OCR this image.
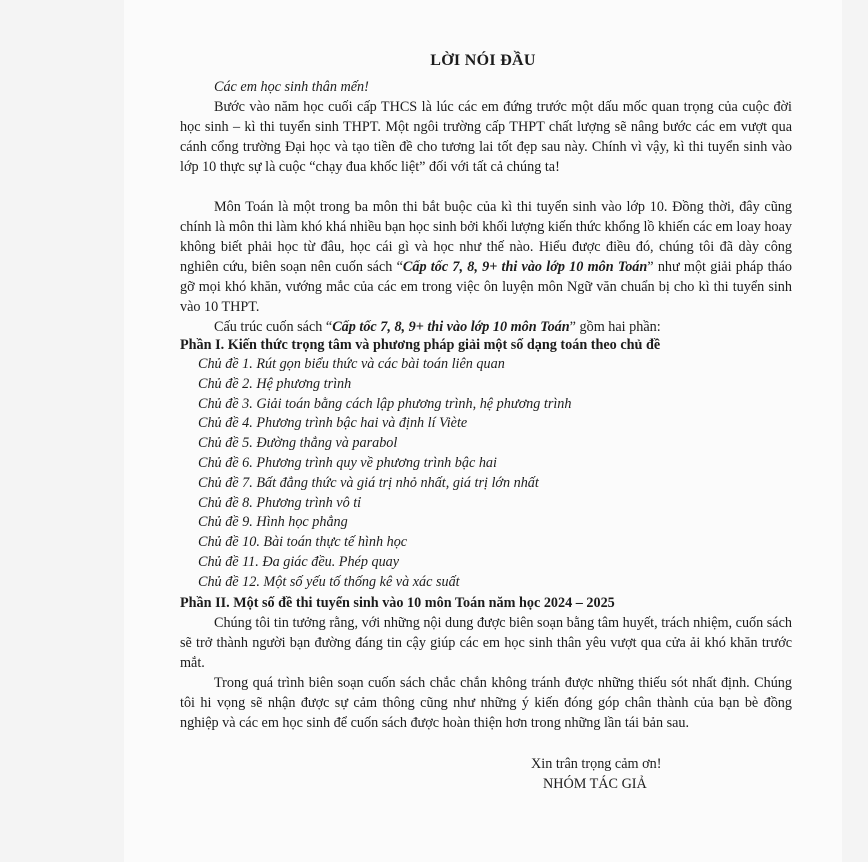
LỜI NÓI ĐẦU

Các em học sinh thân mến!

Bước vào năm học cuối cấp THCS là lúc các em đứng trước một dấu mốc quan trọng của cuộc đời học sinh – kì thi tuyển sinh THPT. Một ngôi trường cấp THPT chất lượng sẽ nâng bước các em vượt qua cánh cổng trường Đại học và tạo tiền đề cho tương lai tốt đẹp sau này. Chính vì vậy, kì thi tuyển sinh vào lớp 10 thực sự là cuộc “chạy đua khốc liệt” đối với tất cả chúng ta!

Môn Toán là một trong ba môn thi bắt buộc của kì thi tuyển sinh vào lớp 10. Đồng thời, đây cũng chính là môn thi làm khó khá nhiều bạn học sinh bởi khối lượng kiến thức khổng lồ khiến các em loay hoay không biết phải học từ đâu, học cái gì và học như thế nào. Hiểu được điều đó, chúng tôi đã dày công nghiên cứu, biên soạn nên cuốn sách “Cấp tốc 7, 8, 9+ thi vào lớp 10 môn Toán” như một giải pháp tháo gỡ mọi khó khăn, vướng mắc của các em trong việc ôn luyện môn Ngữ văn chuẩn bị cho kì thi tuyển sinh vào 10 THPT.

Cấu trúc cuốn sách “Cấp tốc 7, 8, 9+ thi vào lớp 10 môn Toán” gồm hai phần:

Phần I. Kiến thức trọng tâm và phương pháp giải một số dạng toán theo chủ đề
Chủ đề 1. Rút gọn biểu thức và các bài toán liên quan
Chủ đề 2. Hệ phương trình
Chủ đề 3. Giải toán bằng cách lập phương trình, hệ phương trình
Chủ đề 4. Phương trình bậc hai và định lí Viète
Chủ đề 5. Đường thẳng và parabol
Chủ đề 6. Phương trình quy về phương trình bậc hai
Chủ đề 7. Bất đẳng thức và giá trị nhỏ nhất, giá trị lớn nhất
Chủ đề 8. Phương trình vô tỉ
Chủ đề 9. Hình học phẳng
Chủ đề 10. Bài toán thực tế hình học
Chủ đề 11. Đa giác đều. Phép quay
Chủ đề 12. Một số yếu tố thống kê và xác suất
Phần II. Một số đề thi tuyển sinh vào 10 môn Toán năm học 2024 – 2025

Chúng tôi tin tưởng rằng, với những nội dung được biên soạn bằng tâm huyết, trách nhiệm, cuốn sách sẽ trở thành người bạn đường đáng tin cậy giúp các em học sinh thân yêu vượt qua cửa ải khó khăn trước mắt.

Trong quá trình biên soạn cuốn sách chắc chắn không tránh được những thiếu sót nhất định. Chúng tôi hi vọng sẽ nhận được sự cảm thông cũng như những ý kiến đóng góp chân thành của bạn bè đồng nghiệp và các em học sinh để cuốn sách được hoàn thiện hơn trong những lần tái bản sau.

Xin trân trọng cảm ơn!
NHÓM TÁC GIẢ
